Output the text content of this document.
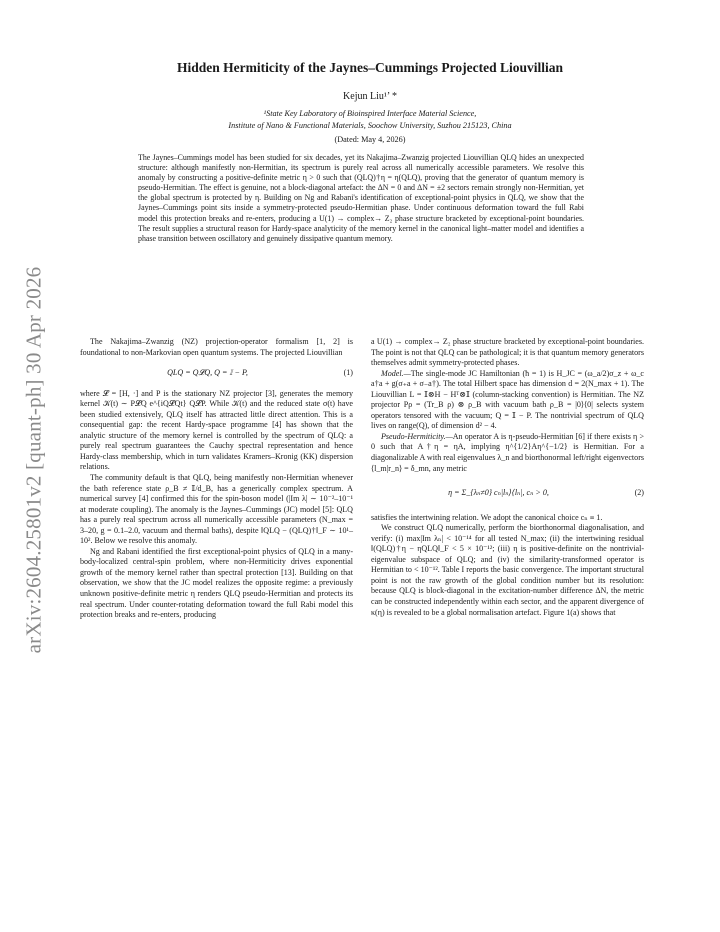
arXiv:2604.25801v2 [quant-ph] 30 Apr 2026
Hidden Hermiticity of the Jaynes–Cummings Projected Liouvillian
Kejun Liu¹’ *
¹State Key Laboratory of Bioinspired Interface Material Science,
Institute of Nano & Functional Materials, Soochow University, Suzhou 215123, China
(Dated: May 4, 2026)
The Jaynes–Cummings model has been studied for six decades, yet its Nakajima–Zwanzig projected Liouvillian QLQ hides an unexpected structure: although manifestly non-Hermitian, its spectrum is purely real across all numerically accessible parameters. We resolve this anomaly by constructing a positive-definite metric η > 0 such that (QLQ)†η = η(QLQ), proving that the generator of quantum memory is pseudo-Hermitian. The effect is genuine, not a block-diagonal artefact: the ΔN = 0 and ΔN = ±2 sectors remain strongly non-Hermitian, yet the global spectrum is protected by η. Building on Ng and Rabani's identification of exceptional-point physics in QLQ, we show that the Jaynes–Cummings point sits inside a symmetry-protected pseudo-Hermitian phase. Under continuous deformation toward the full Rabi model this protection breaks and re-enters, producing a U(1) → complex→ Z₂ phase structure bracketed by exceptional-point boundaries. The result supplies a structural reason for Hardy-space analyticity of the memory kernel in the canonical light–matter model and identifies a phase transition between oscillatory and genuinely dissipative quantum memory.

The Nakajima–Zwanzig (NZ) projection-operator formalism [1, 2] is foundational to non-Markovian open quantum systems. The projected Liouvillian

QLQ = Q𝓛Q, Q = 𝕀 − P,	(1)

where 𝓛 = [H, ·] and P is the stationary NZ projector [3], generates the memory kernel 𝒦(t) ∼ P𝓛Q e^{iQ𝓛Qt} Q𝓛P. While 𝒦(t) and the reduced state σ(t) have been studied extensively, QLQ itself has attracted little direct attention. This is a consequential gap: the recent Hardy-space programme [4] has shown that the analytic structure of the memory kernel is controlled by the spectrum of QLQ: a purely real spectrum guarantees the Cauchy spectral representation and hence Hardy-class membership, which in turn validates Kramers–Kronig (KK) dispersion relations.

The community default is that QLQ, being manifestly non-Hermitian whenever the bath reference state ρ_B ≠ 𝕀/d_B, has a generically complex spectrum. A numerical survey [4] confirmed this for the spin-boson model (|Im λ| ∼ 10⁻²–10⁻¹ at moderate coupling). The anomaly is the Jaynes–Cummings (JC) model [5]: QLQ has a purely real spectrum across all numerically accessible parameters (N_max = 3–20, g = 0.1–2.0, vacuum and thermal baths), despite ‖QLQ − (QLQ)†‖_F ∼ 10¹–10². Below we resolve this anomaly.

Ng and Rabani identified the first exceptional-point physics of QLQ in a many-body-localized central-spin problem, where non-Hermiticity drives exponential growth of the memory kernel rather than spectral protection [13]. Building on that observation, we show that the JC model realizes the opposite regime: a previously unknown positive-definite metric η renders QLQ pseudo-Hermitian and protects its real spectrum. Under counter-rotating deformation toward the full Rabi model this protection breaks and re-enters, producing

a U(1) → complex→ Z₂ phase structure bracketed by exceptional-point boundaries. The point is not that QLQ can be pathological; it is that quantum memory generators themselves admit symmetry-protected phases.

Model.—The single-mode JC Hamiltonian (ħ = 1) is H_JC = (ω_a/2)σ_z + ω_c a†a + g(σ₊a + σ₋a†). The total Hilbert space has dimension d = 2(N_max + 1). The Liouvillian L = 𝕀⊗H − Hᵀ⊗𝕀 (column-stacking convention) is Hermitian. The NZ projector Pρ = (Tr_B ρ) ⊗ ρ_B with vacuum bath ρ_B = |0⟩⟨0| selects system operators tensored with the vacuum; Q = 𝕀 − P. The nontrivial spectrum of QLQ lives on range(Q), of dimension d² − 4.

Pseudo-Hermiticity.—An operator A is η-pseudo-Hermitian [6] if there exists η > 0 such that A†η = ηA, implying η^{1/2}Aη^{−1/2} is Hermitian. For a diagonalizable A with real eigenvalues λ_n and biorthonormal left/right eigenvectors ⟨l_m|r_n⟩ = δ_mn, any metric

η = Σ_{λₙ≠0} cₙ|lₙ⟩⟨lₙ|, cₙ > 0,	(2)

satisfies the intertwining relation. We adopt the canonical choice cₙ ≡ 1.

We construct QLQ numerically, perform the biorthonormal diagonalisation, and verify: (i) max|Im λₙ| < 10⁻¹⁴ for all tested N_max; (ii) the intertwining residual ‖(QLQ)†η − ηQLQ‖_F < 5 × 10⁻¹²; (iii) η is positive-definite on the nontrivial-eigenvalue subspace of QLQ; and (iv) the similarity-transformed operator is Hermitian to < 10⁻¹². Table I reports the basic convergence. The important structural point is not the raw growth of the global condition number but its resolution: because QLQ is block-diagonal in the excitation-number difference ΔN, the metric can be constructed independently within each sector, and the apparent divergence of κ(η) is revealed to be a global normalisation artefact. Figure 1(a) shows that
